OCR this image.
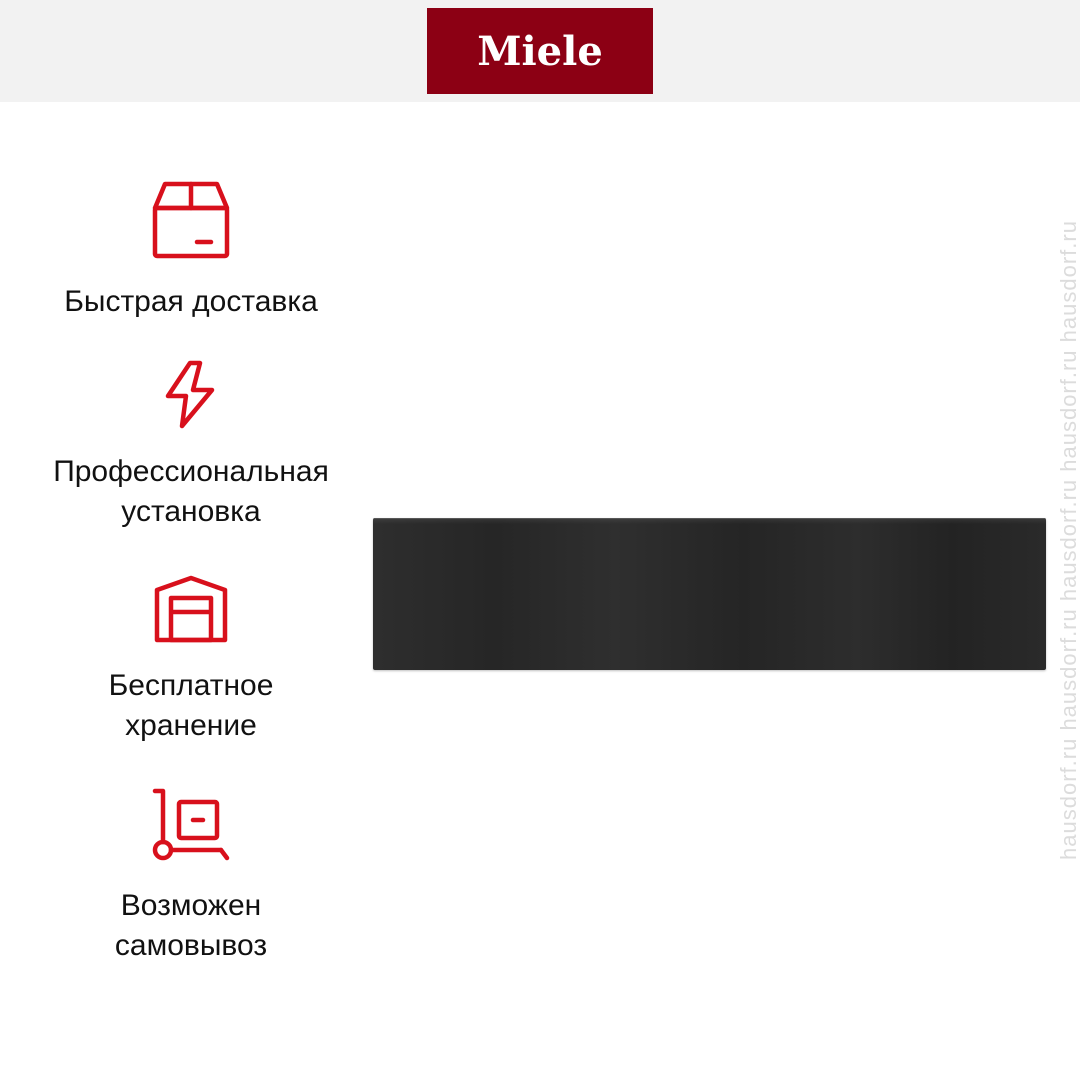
Miele
Быстрая доставка
Профессиональная установка
Бесплатное хранение
Возможен самовывоз
hausdorf.ru hausdorf.ru hausdorf.ru hausdorf.ru hausdorf.ru
